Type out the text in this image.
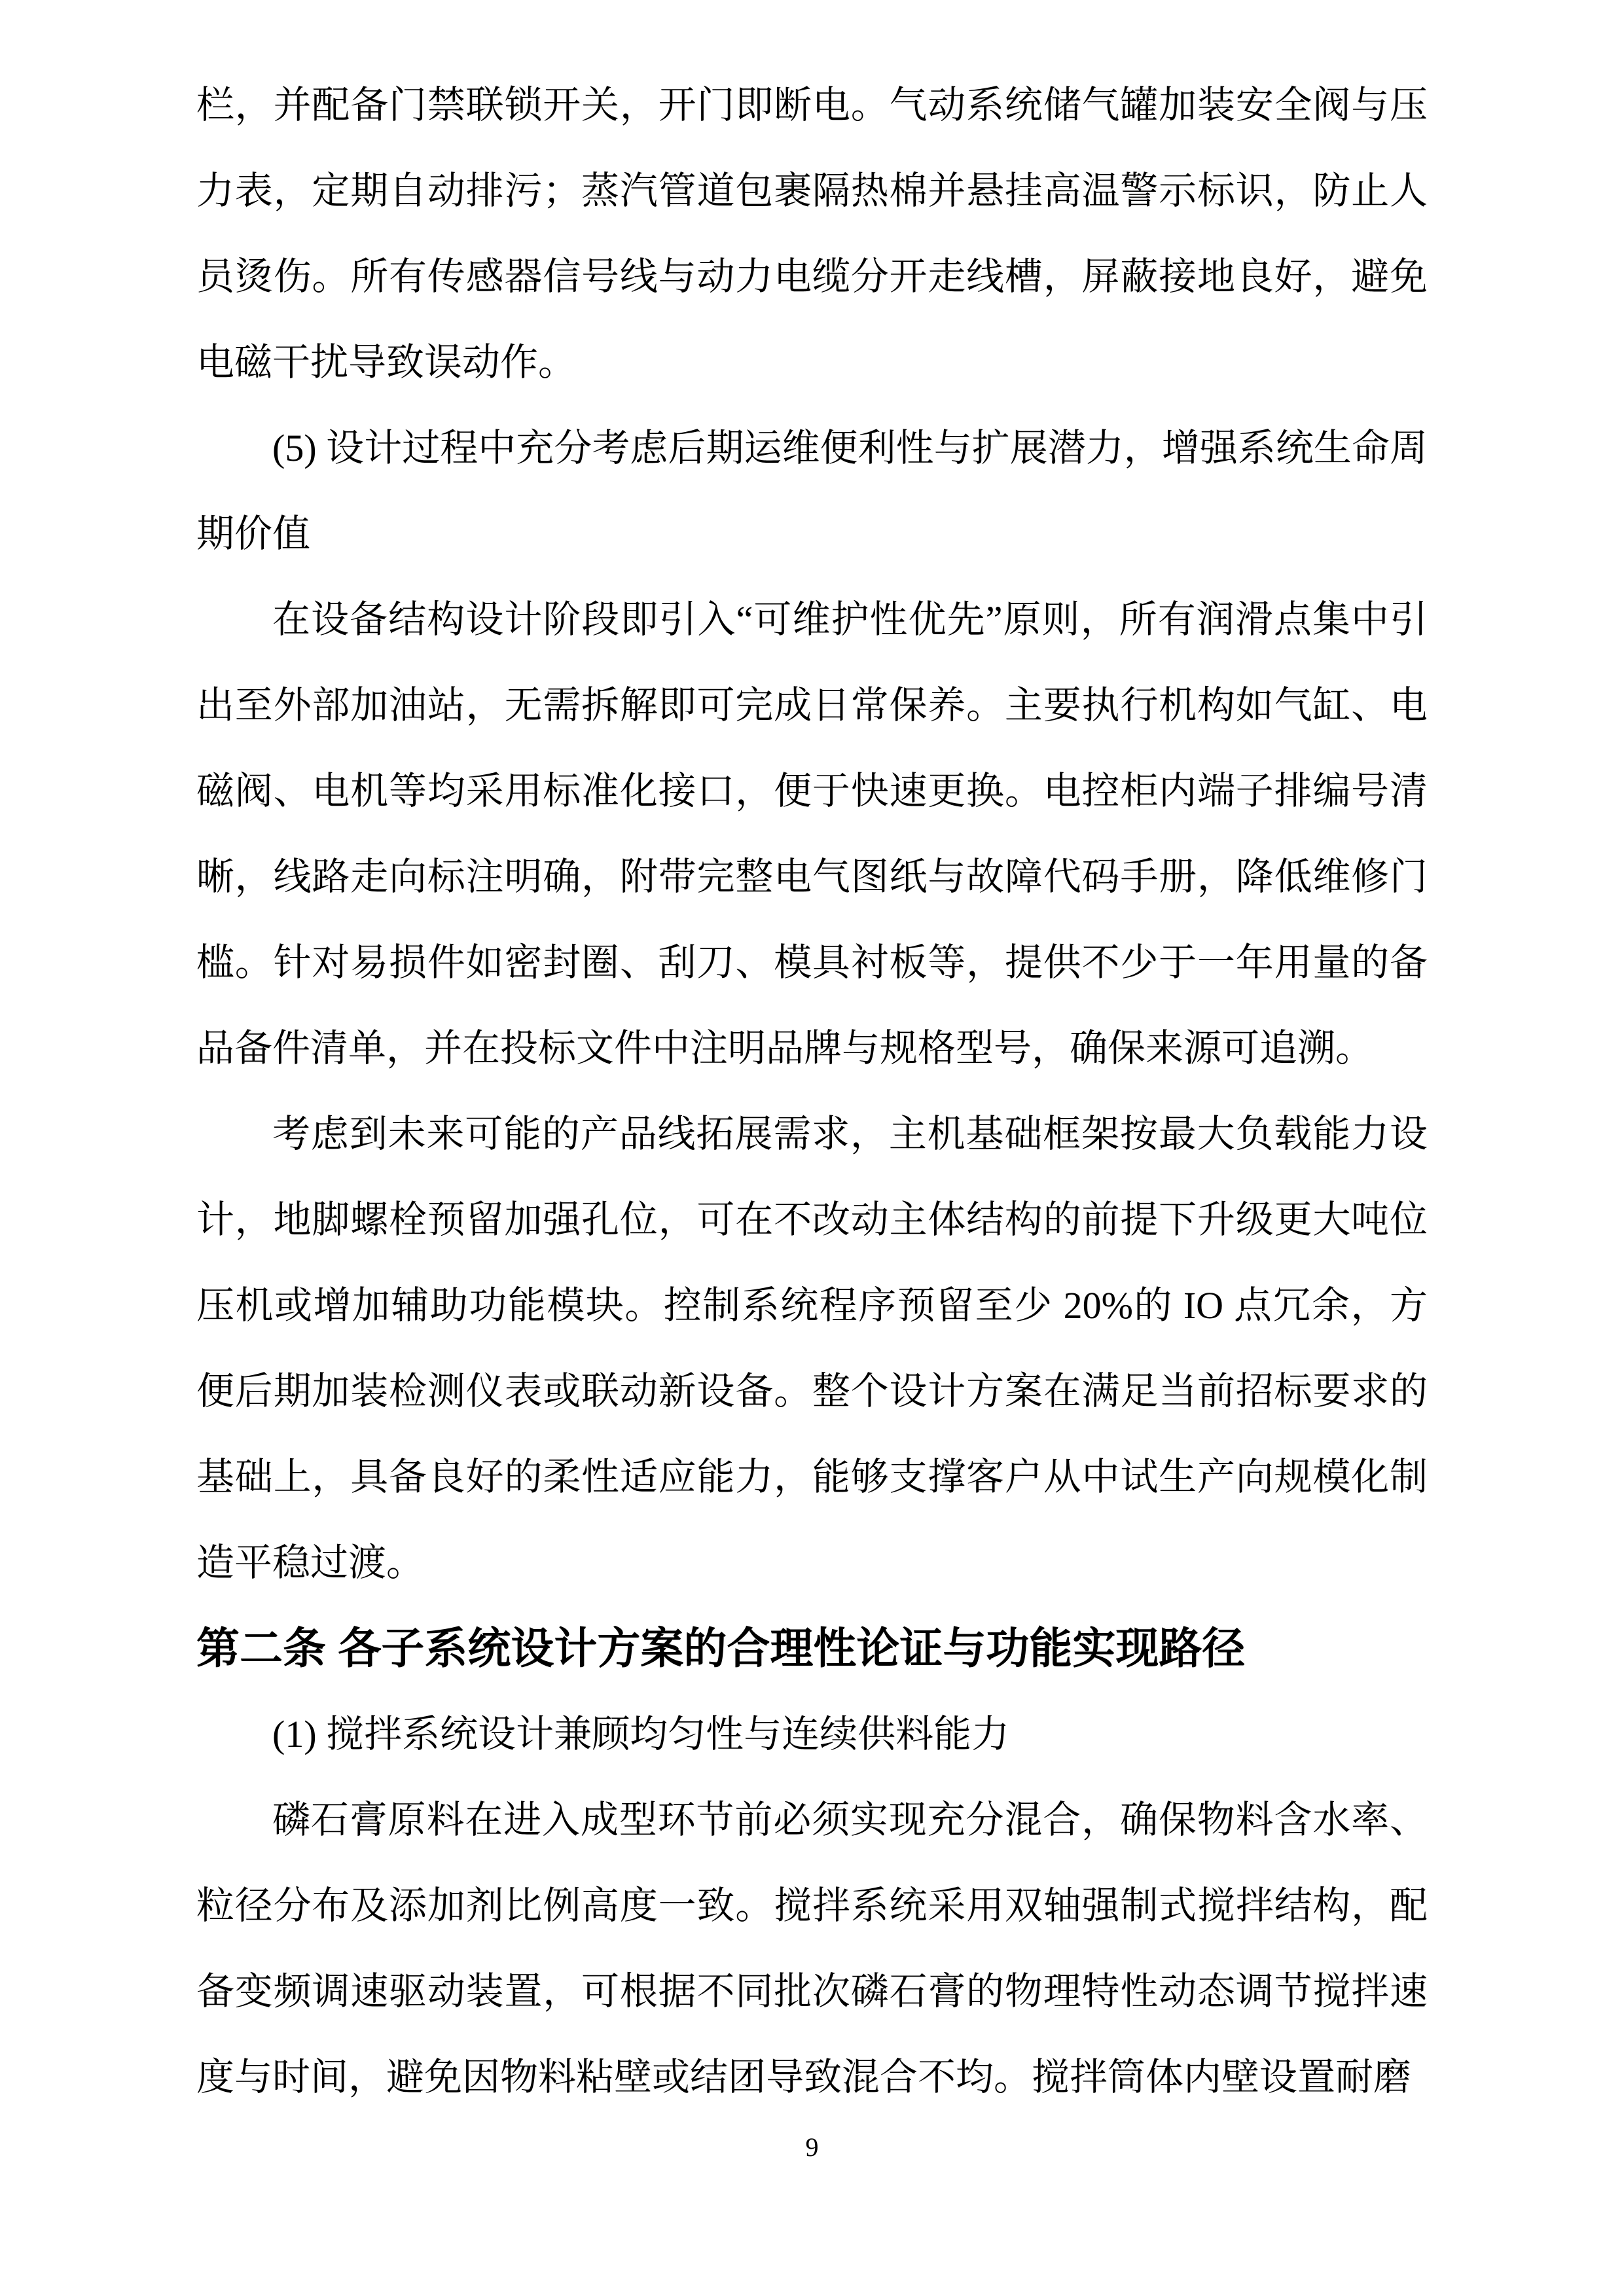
栏，并配备门禁联锁开关，开门即断电。气动系统储气罐加装安全阀与压力表，定期自动排污；蒸汽管道包裹隔热棉并悬挂高温警示标识，防止人员烫伤。所有传感器信号线与动力电缆分开走线槽，屏蔽接地良好，避免电磁干扰导致误动作。

(5) 设计过程中充分考虑后期运维便利性与扩展潜力，增强系统生命周期价值

在设备结构设计阶段即引入“可维护性优先”原则，所有润滑点集中引出至外部加油站，无需拆解即可完成日常保养。主要执行机构如气缸、电磁阀、电机等均采用标准化接口，便于快速更换。电控柜内端子排编号清晰，线路走向标注明确，附带完整电气图纸与故障代码手册，降低维修门槛。针对易损件如密封圈、刮刀、模具衬板等，提供不少于一年用量的备品备件清单，并在投标文件中注明品牌与规格型号，确保来源可追溯。

考虑到未来可能的产品线拓展需求，主机基础框架按最大负载能力设计，地脚螺栓预留加强孔位，可在不改动主体结构的前提下升级更大吨位压机或增加辅助功能模块。控制系统程序预留至少 20%的 IO 点冗余，方便后期加装检测仪表或联动新设备。整个设计方案在满足当前招标要求的基础上，具备良好的柔性适应能力，能够支撑客户从中试生产向规模化制造平稳过渡。

第二条 各子系统设计方案的合理性论证与功能实现路径

(1) 搅拌系统设计兼顾均匀性与连续供料能力

磷石膏原料在进入成型环节前必须实现充分混合，确保物料含水率、粒径分布及添加剂比例高度一致。搅拌系统采用双轴强制式搅拌结构，配备变频调速驱动装置，可根据不同批次磷石膏的物理特性动态调节搅拌速度与时间，避免因物料粘壁或结团导致混合不均。搅拌筒体内壁设置耐磨

9
